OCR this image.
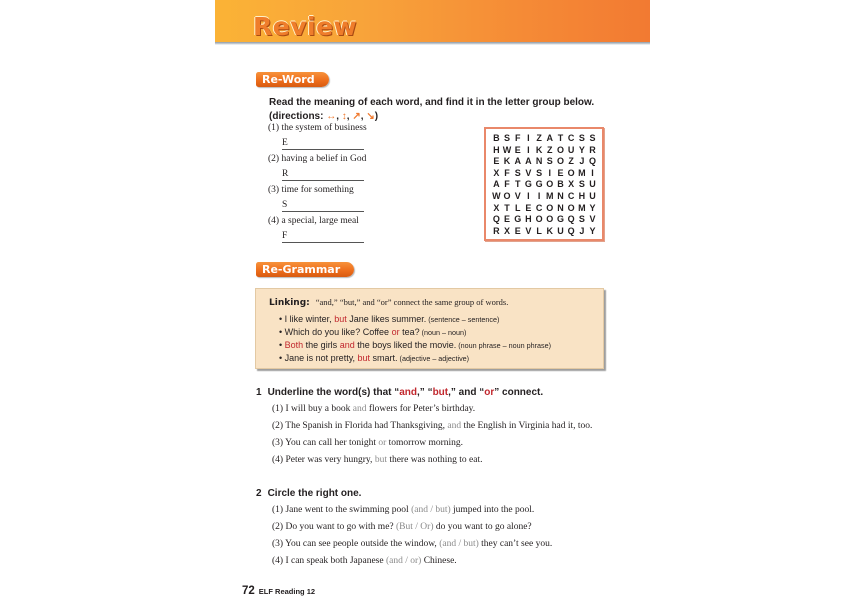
Review
Re-Word
Read the meaning of each word, and find it in the letter group below.
(directions: ↔, ↕, ↗, ↘)
(1) the system of business
E
(2) having a belief in God
R
(3) time for something
S
(4) a special, large meal
F
B S F I Z A T C S S
H W E I K Z O U Y R
E K A A N S O Z J Q
X F S V S I E O M I
A F T G G O B X S U
W O V I I M N C H U
X T L E C O N O M Y
Q E G H O O G Q S V
R X E V L K U Q J Y
Re-Grammar
Linking: “and,” “but,” and “or” connect the same group of words.
• I like winter, but Jane likes summer. (sentence – sentence)
• Which do you like? Coffee or tea? (noun – noun)
• Both the girls and the boys liked the movie. (noun phrase – noun phrase)
• Jane is not pretty, but smart. (adjective – adjective)
1 Underline the word(s) that “and,” “but,” and “or” connect.
(1) I will buy a book and flowers for Peter’s birthday.
(2) The Spanish in Florida had Thanksgiving, and the English in Virginia had it, too.
(3) You can call her tonight or tomorrow morning.
(4) Peter was very hungry, but there was nothing to eat.
2 Circle the right one.
(1) Jane went to the swimming pool (and / but) jumped into the pool.
(2) Do you want to go with me? (But / Or) do you want to go alone?
(3) You can see people outside the window, (and / but) they can’t see you.
(4) I can speak both Japanese (and / or) Chinese.
72 ELF Reading 12
